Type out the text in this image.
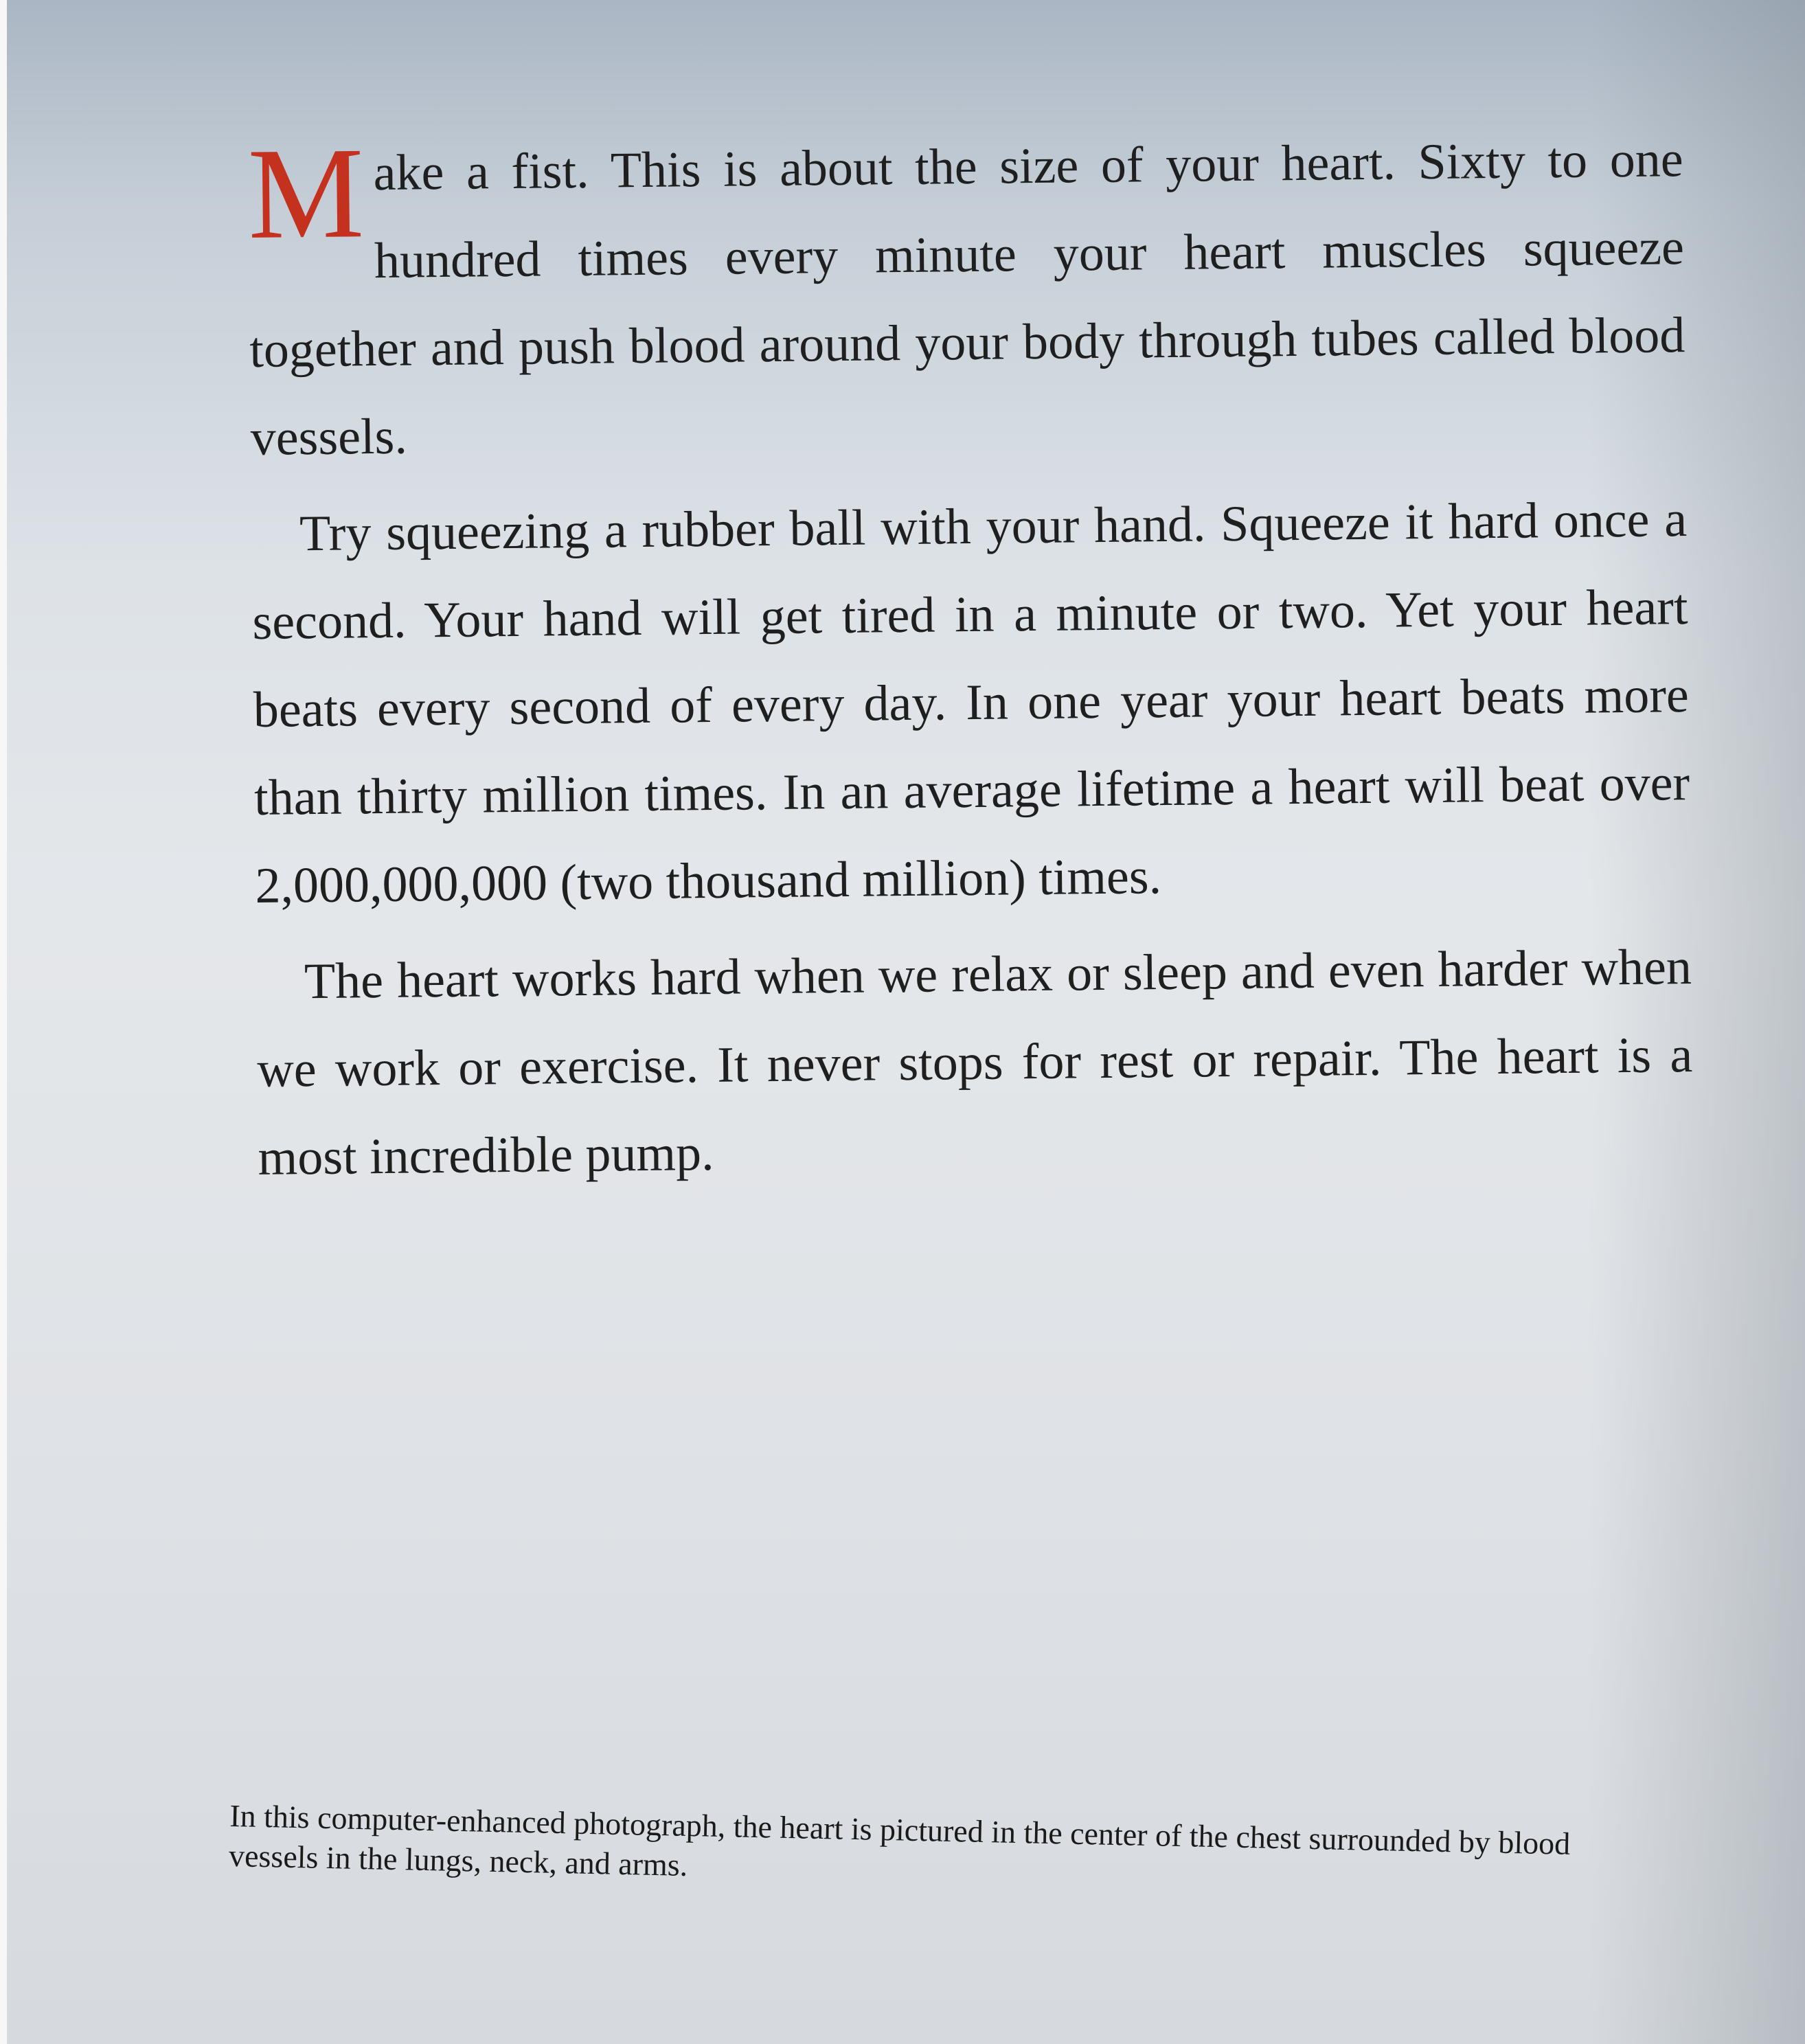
Make a fist. This is about the size of your heart. Sixty to one hundred times every minute your heart muscles squeeze together and push blood around your body through tubes called blood vessels.

Try squeezing a rubber ball with your hand. Squeeze it hard once a second. Your hand will get tired in a minute or two. Yet your heart beats every second of every day. In one year your heart beats more than thirty million times. In an average lifetime a heart will beat over 2,000,000,000 (two thousand million) times.

The heart works hard when we relax or sleep and even harder when we work or exercise. It never stops for rest or repair. The heart is a most incredible pump.

In this computer-enhanced photograph, the heart is pictured in the center of the chest surrounded by blood vessels in the lungs, neck, and arms.
